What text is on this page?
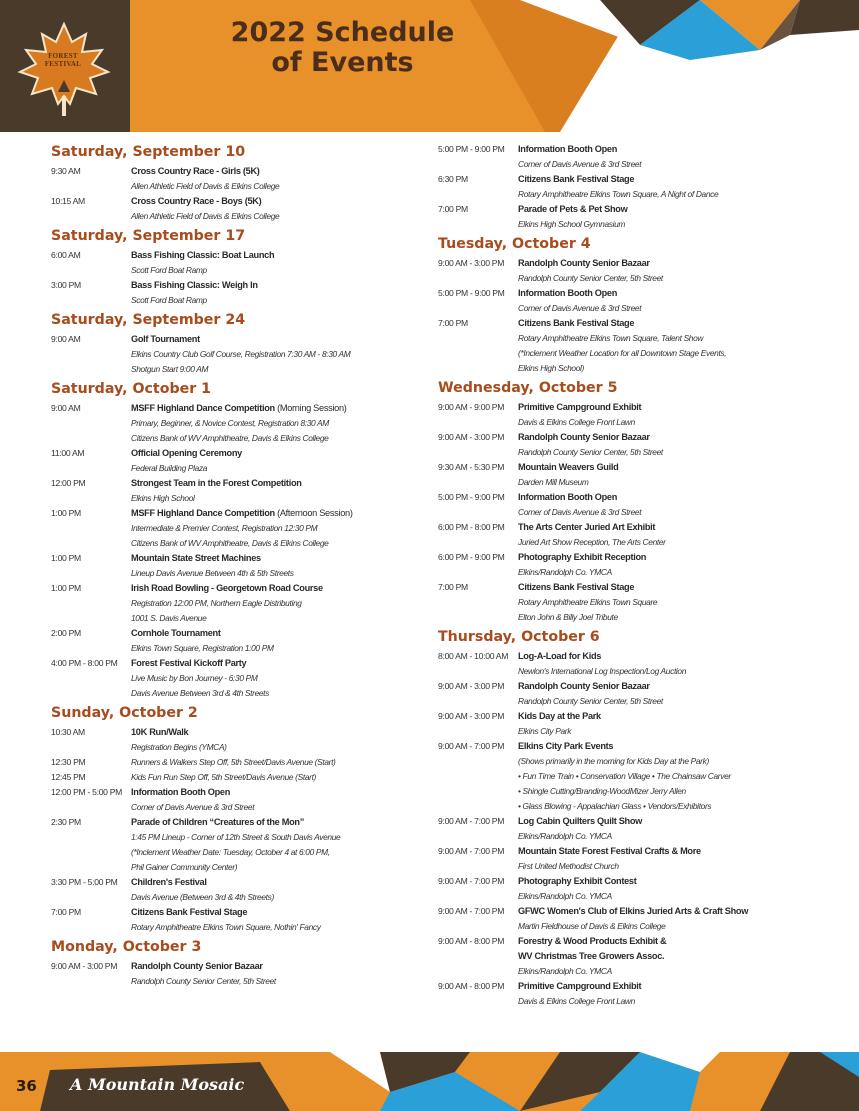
FOREST FESTIVAL
2022 Schedule
of Events
Saturday, September 10
9:30 AM	Cross Country Race - Girls (5K)
Allen Athletic Field of Davis & Elkins College
10:15 AM	Cross Country Race - Boys (5K)
Allen Athletic Field of Davis & Elkins College
Saturday, September 17
6:00 AM	Bass Fishing Classic: Boat Launch
Scott Ford Boat Ramp
3:00 PM	Bass Fishing Classic: Weigh In
Scott Ford Boat Ramp
Saturday, September 24
9:00 AM	Golf Tournament
Elkins Country Club Golf Course, Registration 7:30 AM - 8:30 AM
Shotgun Start 9:00 AM
Saturday, October 1
9:00 AM	MSFF Highland Dance Competition (Morning Session)
Primary, Beginner, & Novice Contest, Registration 8:30 AM
Citizens Bank of WV Amphitheatre, Davis & Elkins College
11:00 AM	Official Opening Ceremony
Federal Building Plaza
12:00 PM	Strongest Team in the Forest Competition
Elkins High School
1:00 PM	MSFF Highland Dance Competition (Afternoon Session)
Intermediate & Premier Contest, Registration 12:30 PM
Citizens Bank of WV Amphitheatre, Davis & Elkins College
1:00 PM	Mountain State Street Machines
Lineup Davis Avenue Between 4th & 5th Streets
1:00 PM	Irish Road Bowling - Georgetown Road Course
Registration 12:00 PM, Northern Eagle Distributing
1001 S. Davis Avenue
2:00 PM	Cornhole Tournament
Elkins Town Square, Registration 1:00 PM
4:00 PM - 8:00 PM Forest Festival Kickoff Party
Live Music by Bon Journey - 6:30 PM
Davis Avenue Between 3rd & 4th Streets
Sunday, October 2
10:30 AM	10K Run/Walk
Registration Begins (YMCA)
12:30 PM	Runners & Walkers Step Off, 5th Street/Davis Avenue (Start)
12:45 PM	Kids Fun Run Step Off, 5th Street/Davis Avenue (Start)
12:00 PM - 5:00 PM Information Booth Open
Corner of Davis Avenue & 3rd Street
2:30 PM	Parade of Children “Creatures of the Mon”
1:45 PM Lineup - Corner of 12th Street & South Davis Avenue
(*Inclement Weather Date: Tuesday, October 4 at 6:00 PM,
Phil Gainer Community Center)
3:30 PM - 5:00 PM Children's Festival
Davis Avenue (Between 3rd & 4th Streets)
7:00 PM	Citizens Bank Festival Stage
Rotary Amphitheatre Elkins Town Square, Nothin' Fancy
Monday, October 3
9:00 AM - 3:00 PM Randolph County Senior Bazaar
Randolph County Senior Center, 5th Street
5:00 PM - 9:00 PM Information Booth Open
Corner of Davis Avenue & 3rd Street
6:30 PM	Citizens Bank Festival Stage
Rotary Amphitheatre Elkins Town Square, A Night of Dance
7:00 PM	Parade of Pets & Pet Show
Elkins High School Gymnasium
Tuesday, October 4
9:00 AM - 3:00 PM Randolph County Senior Bazaar
Randolph County Senior Center, 5th Street
5:00 PM - 9:00 PM Information Booth Open
Corner of Davis Avenue & 3rd Street
7:00 PM	Citizens Bank Festival Stage
Rotary Amphitheatre Elkins Town Square, Talent Show
(*Inclement Weather Location for all Downtown Stage Events,
Elkins High School)
Wednesday, October 5
9:00 AM - 9:00 PM Primitive Campground Exhibit
Davis & Elkins College Front Lawn
9:00 AM - 3:00 PM Randolph County Senior Bazaar
Randolph County Senior Center, 5th Street
9:30 AM - 5:30 PM Mountain Weavers Guild
Darden Mill Museum
5:00 PM - 9:00 PM Information Booth Open
Corner of Davis Avenue & 3rd Street
6:00 PM - 8:00 PM The Arts Center Juried Art Exhibit
Juried Art Show Reception, The Arts Center
6:00 PM - 9:00 PM Photography Exhibit Reception
Elkins/Randolph Co. YMCA
7:00 PM	Citizens Bank Festival Stage
Rotary Amphitheatre Elkins Town Square
Elton John & Billy Joel Tribute
Thursday, October 6
8:00 AM - 10:00 AM Log-A-Load for Kids
Newlon's International Log Inspection/Log Auction
9:00 AM - 3:00 PM Randolph County Senior Bazaar
Randolph County Senior Center, 5th Street
9:00 AM - 3:00 PM Kids Day at the Park
Elkins City Park
9:00 AM - 7:00 PM Elkins City Park Events
(Shows primarily in the morning for Kids Day at the Park)
• Fun Time Train • Conservation Village • The Chainsaw Carver
• Shingle Cutting/Branding-WoodMizer Jerry Allen
• Glass Blowing - Appalachian Glass • Vendors/Exhibitors
9:00 AM - 7:00 PM Log Cabin Quilters Quilt Show
Elkins/Randolph Co. YMCA
9:00 AM - 7:00 PM Mountain State Forest Festival Crafts & More
First United Methodist Church
9:00 AM - 7:00 PM Photography Exhibit Contest
Elkins/Randolph Co. YMCA
9:00 AM - 7:00 PM GFWC Women's Club of Elkins Juried Arts & Craft Show
Martin Fieldhouse of Davis & Elkins College
9:00 AM - 8:00 PM Forestry & Wood Products Exhibit &
WV Christmas Tree Growers Assoc.
Elkins/Randolph Co. YMCA
9:00 AM - 8:00 PM Primitive Campground Exhibit
Davis & Elkins College Front Lawn
36 A Mountain Mosaic
